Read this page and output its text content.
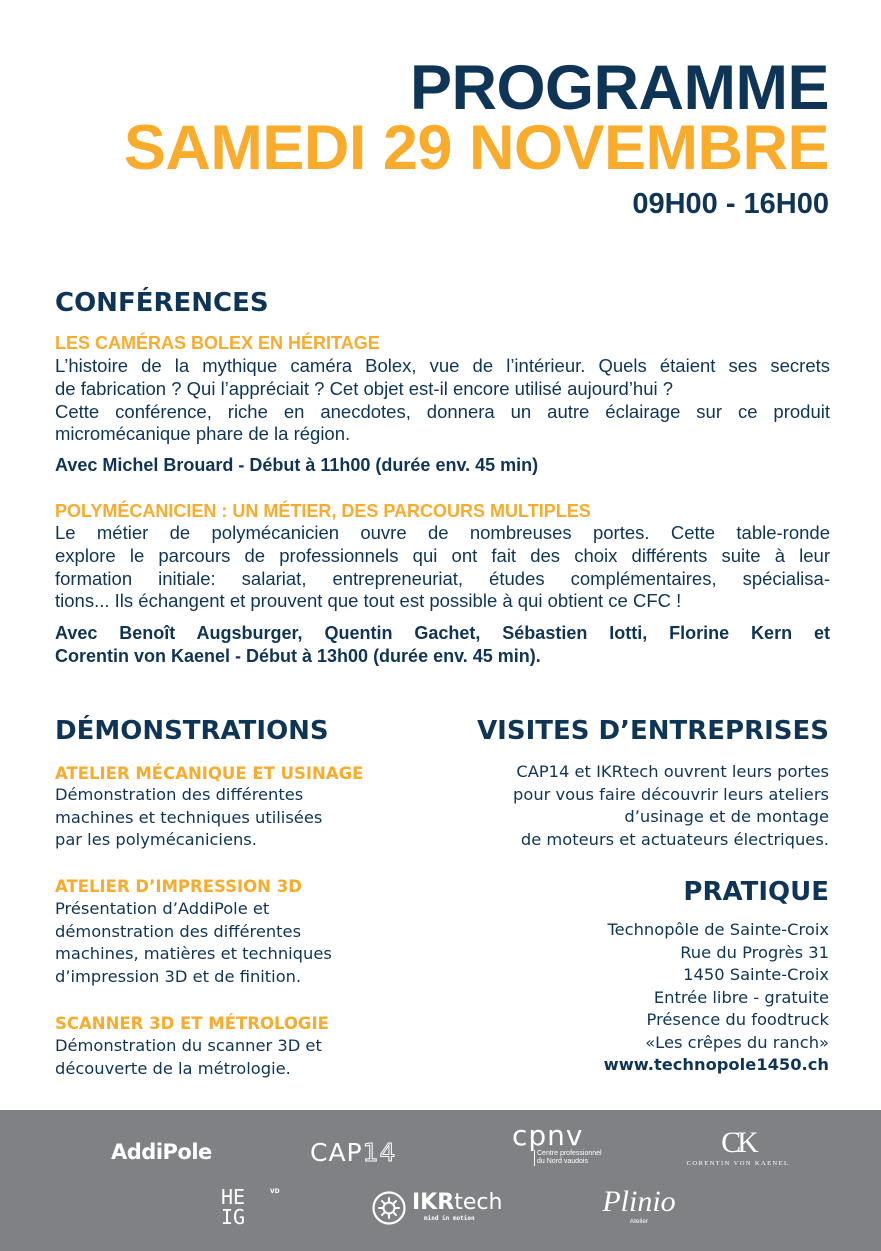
PROGRAMME
SAMEDI 29 NOVEMBRE
09H00 - 16H00
CONFÉRENCES
LES CAMÉRAS BOLEX EN HÉRITAGE
L’histoire de la mythique caméra Bolex, vue de l’intérieur. Quels étaient ses secrets
de fabrication ? Qui l’appréciait ? Cet objet est-il encore utilisé aujourd’hui ?
Cette conférence, riche en anecdotes, donnera un autre éclairage sur ce produit
micromécanique phare de la région.
Avec Michel Brouard - Début à 11h00 (durée env. 45 min)
POLYMÉCANICIEN : UN MÉTIER, DES PARCOURS MULTIPLES
Le métier de polymécanicien ouvre de nombreuses portes. Cette table-ronde
explore le parcours de professionnels qui ont fait des choix différents suite à leur
formation initiale: salariat, entrepreneuriat, études complémentaires, spécialisa-
tions... Ils échangent et prouvent que tout est possible à qui obtient ce CFC !
Avec Benoît Augsburger, Quentin Gachet, Sébastien Iotti, Florine Kern et
Corentin von Kaenel - Début à 13h00 (durée env. 45 min).
DÉMONSTRATIONS
ATELIER MÉCANIQUE ET USINAGE
Démonstration des différentes
machines et techniques utilisées
par les polymécaniciens.
ATELIER D’IMPRESSION 3D
Présentation d’AddiPole et
démonstration des différentes
machines, matières et techniques
d’impression 3D et de finition.
SCANNER 3D ET MÉTROLOGIE
Démonstration du scanner 3D et
découverte de la métrologie.
VISITES D’ENTREPRISES
CAP14 et IKRtech ouvrent leurs portes
pour vous faire découvrir leurs ateliers
d’usinage et de montage
de moteurs et actuateurs électriques.
PRATIQUE
Technopôle de Sainte-Croix
Rue du Progrès 31
1450 Sainte-Croix
Entrée libre - gratuite
Présence du foodtruck
«Les crêpes du ranch»
www.technopole1450.ch
AddiPole	CAP14
cpnv
Centre professionnel
du Nord vaudois
CK
CORENTIN VON KAENEL
HE
IG
VD	IKRtech
mind in motion
Plinio
Atelier
